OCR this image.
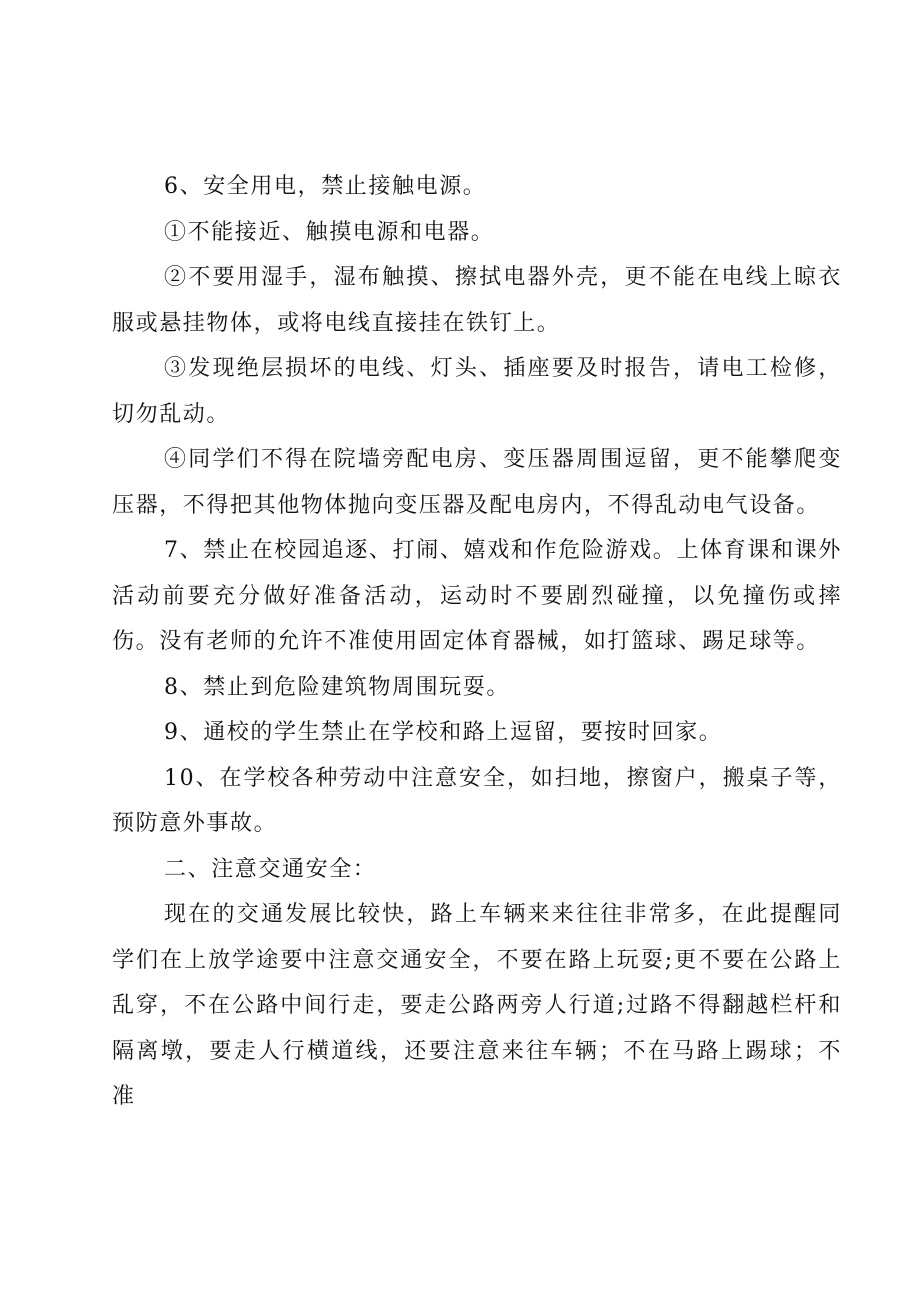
6、安全用电，禁止接触电源。

①不能接近、触摸电源和电器。

②不要用湿手，湿布触摸、擦拭电器外壳，更不能在电线上晾衣服或悬挂物体，或将电线直接挂在铁钉上。

③发现绝层损坏的电线、灯头、插座要及时报告，请电工检修，切勿乱动。

④同学们不得在院墙旁配电房、变压器周围逗留，更不能攀爬变压器，不得把其他物体抛向变压器及配电房内，不得乱动电气设备。

7、禁止在校园追逐、打闹、嬉戏和作危险游戏。上体育课和课外活动前要充分做好准备活动，运动时不要剧烈碰撞，以免撞伤或摔伤。没有老师的允许不准使用固定体育器械，如打篮球、踢足球等。

8、禁止到危险建筑物周围玩耍。

9、通校的学生禁止在学校和路上逗留，要按时回家。

10、在学校各种劳动中注意安全，如扫地，擦窗户，搬桌子等，预防意外事故。

二、注意交通安全：

现在的交通发展比较快，路上车辆来来往往非常多，在此提醒同学们在上放学途要中注意交通安全，不要在路上玩耍;更不要在公路上乱穿，不在公路中间行走，要走公路两旁人行道;过路不得翻越栏杆和隔离墩，要走人行横道线，还要注意来往车辆；不在马路上踢球；不准
